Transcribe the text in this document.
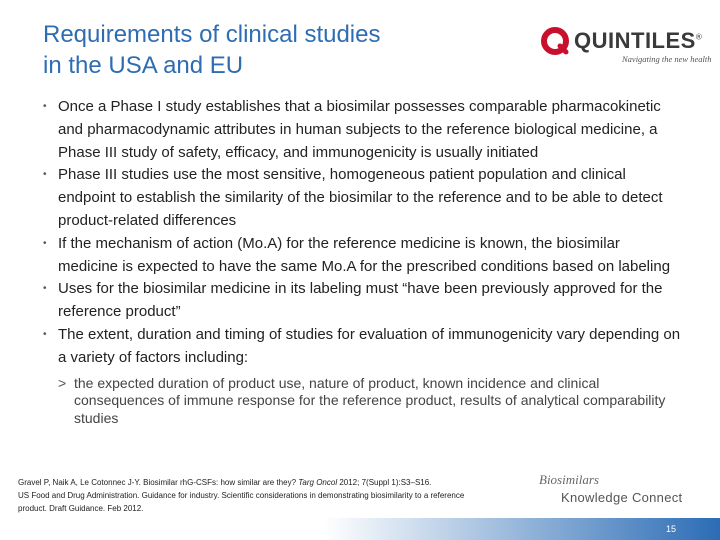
Requirements of clinical studies
in the USA and EU
QUINTILES®
Navigating the new health
• Once a Phase I study establishes that a biosimilar possesses comparable pharmacokinetic and pharmacodynamic attributes in human subjects to the reference biological medicine, a Phase III study of safety, efficacy, and immunogenicity is usually initiated
• Phase III studies use the most sensitive, homogeneous patient population and clinical endpoint to establish the similarity of the biosimilar to the reference and to be able to detect product-related differences
• If the mechanism of action (Mo.A) for the reference medicine is known, the biosimilar medicine is expected to have the same Mo.A for the prescribed conditions based on labeling
• Uses for the biosimilar medicine in its labeling must “have been previously approved for the reference product”
• The extent, duration and timing of studies for evaluation of immunogenicity vary depending on a variety of factors including:
> the expected duration of product use, nature of product, known incidence and clinical consequences of immune response for the reference product, results of analytical comparability studies
Gravel P, Naik A, Le Cotonnec J-Y. Biosimilar rhG-CSFs: how similar are they? Targ Oncol 2012; 7(Suppl 1):S3–S16.
US Food and Drug Administration. Guidance for industry. Scientific considerations in demonstrating biosimilarity to a reference
product. Draft Guidance. Feb 2012.
Biosimilars
Knowledge Connect
15
